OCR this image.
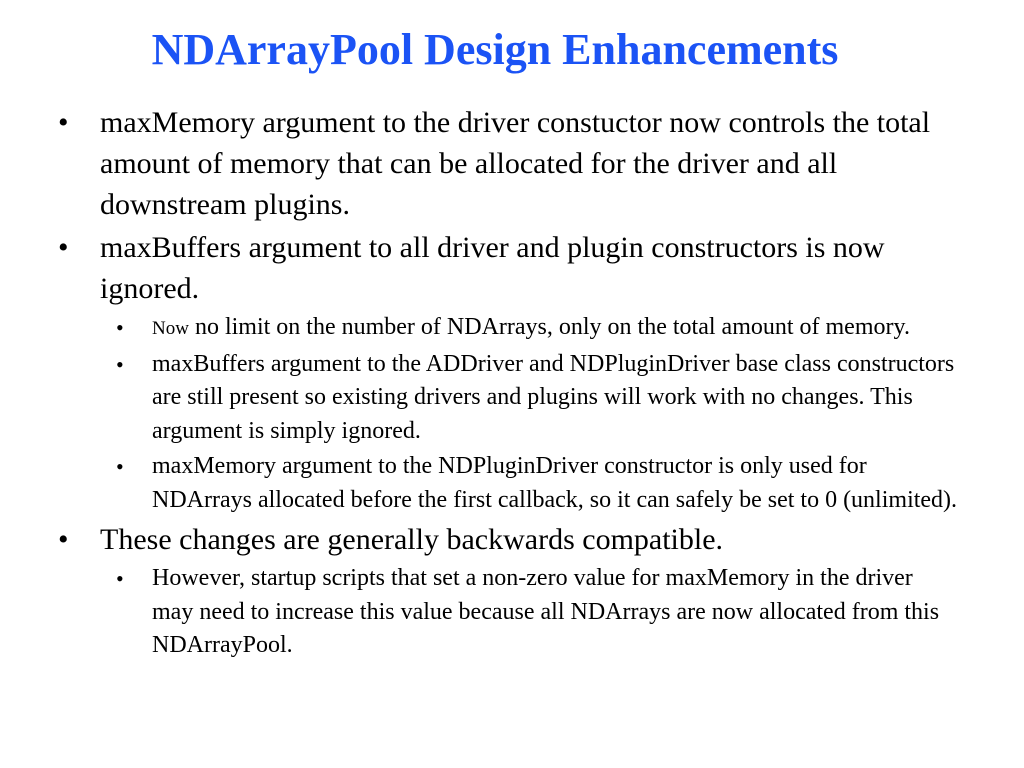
NDArrayPool Design Enhancements
• maxMemory argument to the driver constuctor now controls the total amount of memory that can be allocated for the driver and all downstream plugins.
• maxBuffers argument to all driver and plugin constructors is now ignored.
• Now no limit on the number of NDArrays, only on the total amount of memory.
• maxBuffers argument to the ADDriver and NDPluginDriver base class constructors are still present so existing drivers and plugins will work with no changes. This argument is simply ignored.
• maxMemory argument to the NDPluginDriver constructor is only used for NDArrays allocated before the first callback, so it can safely be set to 0 (unlimited).
• These changes are generally backwards compatible.
• However, startup scripts that set a non-zero value for maxMemory in the driver may need to increase this value because all NDArrays are now allocated from this NDArrayPool.
